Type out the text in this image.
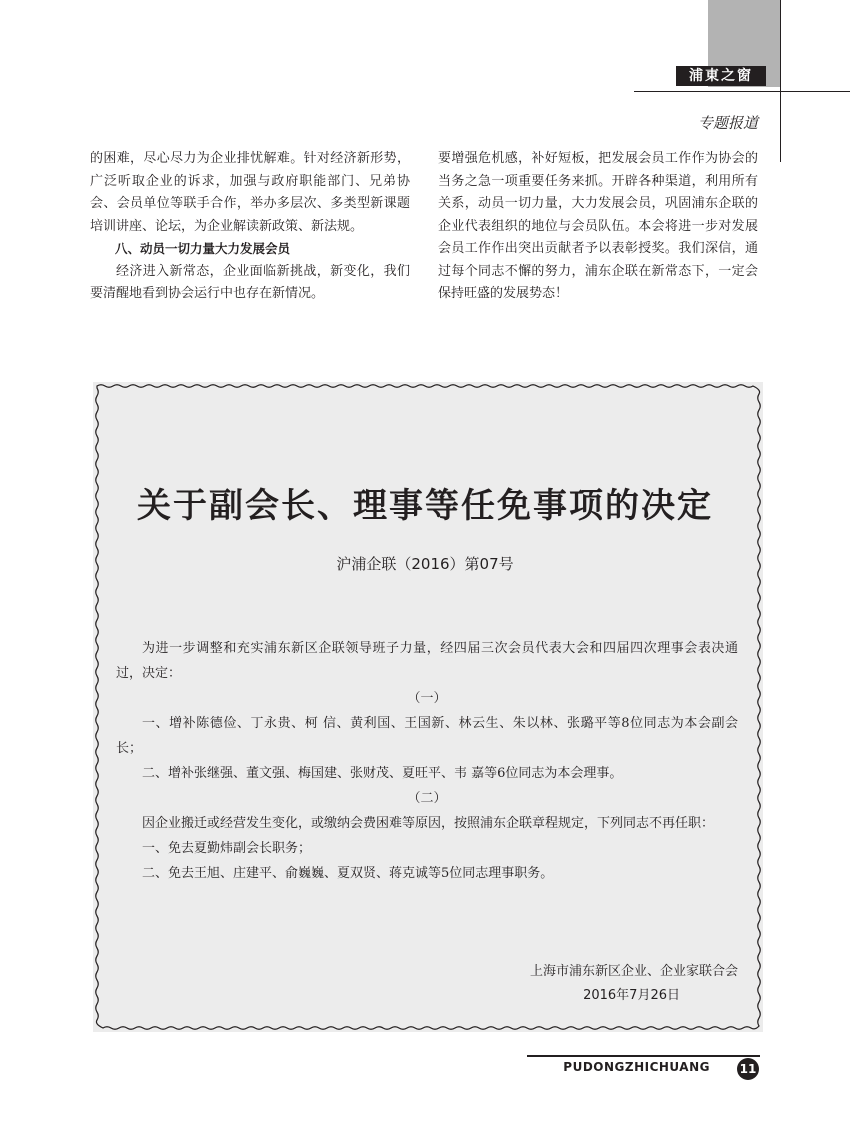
浦東之窗
专题报道

的困难，尽心尽力为企业排忧解难。针对经济新形势，广泛听取企业的诉求，加强与政府职能部门、兄弟协会、会员单位等联手合作，举办多层次、多类型新课题培训讲座、论坛，为企业解读新政策、新法规。

八、动员一切力量大力发展会员

经济进入新常态，企业面临新挑战，新变化，我们要清醒地看到协会运行中也存在新情况。

要增强危机感，补好短板，把发展会员工作作为协会的当务之急一项重要任务来抓。开辟各种渠道，利用所有关系，动员一切力量，大力发展会员，巩固浦东企联的企业代表组织的地位与会员队伍。本会将进一步对发展会员工作作出突出贡献者予以表彰授奖。我们深信，通过每个同志不懈的努力，浦东企联在新常态下，一定会保持旺盛的发展势态！

关于副会长、理事等任免事项的决定
沪浦企联（2016）第07号

为进一步调整和充实浦东新区企联领导班子力量，经四届三次会员代表大会和四届四次理事会表决通过，决定：

（一）

一、增补陈德俭、丁永贵、柯 信、黄利国、王国新、林云生、朱以林、张璐平等8位同志为本会副会长；

二、增补张继强、董文强、梅国建、张财茂、夏旺平、韦 嘉等6位同志为本会理事。

（二）

因企业搬迁或经营发生变化，或缴纳会费困难等原因，按照浦东企联章程规定，下列同志不再任职：

一、免去夏勤炜副会长职务；

二、免去王旭、庄建平、俞巍巍、夏双贤、蒋克诚等5位同志理事职务。

上海市浦东新区企业、企业家联合会
2016年7月26日
PUDONGZHICHUANG 11
